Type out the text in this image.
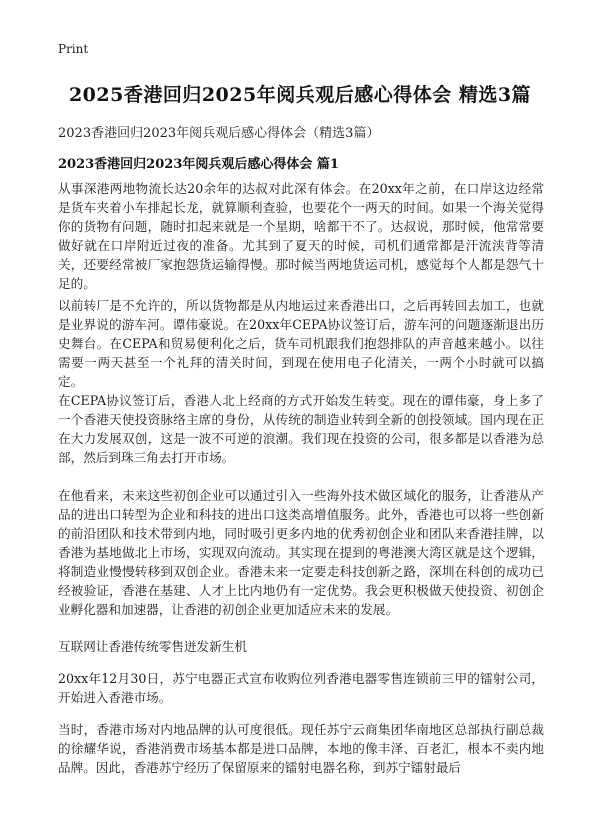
Print
2025香港回归2025年阅兵观后感心得体会 精选3篇
2023香港回归2023年阅兵观后感心得体会（精选3篇）
2023香港回归2023年阅兵观后感心得体会 篇1

从事深港两地物流长达20余年的达叔对此深有体会。在20xx年之前，在口岸这边经常是货车夹着小车排起长龙，就算顺利查验，也要花个一两天的时间。如果一个海关觉得你的货物有问题，随时扣起来就是一个星期，啥都干不了。达叔说，那时候，他常常要做好就在口岸附近过夜的准备。尤其到了夏天的时候，司机们通常都是汗流浃背等清关，还要经常被厂家抱怨货运输得慢。那时候当两地货运司机，感觉每个人都是怨气十足的。

以前转厂是不允许的，所以货物都是从内地运过来香港出口，之后再转回去加工，也就是业界说的游车河。谭伟豪说。在20xx年CEPA协议签订后，游车河的问题逐渐退出历史舞台。在CEPA和贸易便利化之后，货车司机跟我们抱怨排队的声音越来越小。以往需要一两天甚至一个礼拜的清关时间，到现在使用电子化清关，一两个小时就可以搞定。

在CEPA协议签订后，香港人北上经商的方式开始发生转变。现在的谭伟豪，身上多了一个香港天使投资脉络主席的身份，从传统的制造业转到全新的创投领域。国内现在正在大力发展双创，这是一波不可逆的浪潮。我们现在投资的公司，很多都是以香港为总部，然后到珠三角去打开市场。

在他看来，未来这些初创企业可以通过引入一些海外技术做区域化的服务，让香港从产品的进出口转型为企业和科技的进出口这类高增值服务。此外，香港也可以将一些创新的前沿团队和技术带到内地，同时吸引更多内地的优秀初创企业和团队来香港挂牌，以香港为基地做北上市场，实现双向流动。其实现在提到的粤港澳大湾区就是这个逻辑，将制造业慢慢转移到双创企业。香港未来一定要走科技创新之路，深圳在科创的成功已经被验证，香港在基建、人才上比内地仍有一定优势。我会更积极做天使投资、初创企业孵化器和加速器，让香港的初创企业更加适应未来的发展。

互联网让香港传统零售迸发新生机

20xx年12月30日，苏宁电器正式宣布收购位列香港电器零售连锁前三甲的镭射公司，开始进入香港市场。

当时，香港市场对内地品牌的认可度很低。现任苏宁云商集团华南地区总部执行副总裁的徐耀华说，香港消费市场基本都是进口品牌，本地的像丰泽、百老汇，根本不卖内地品牌。因此，香港苏宁经历了保留原来的镭射电器名称，到苏宁镭射最后
